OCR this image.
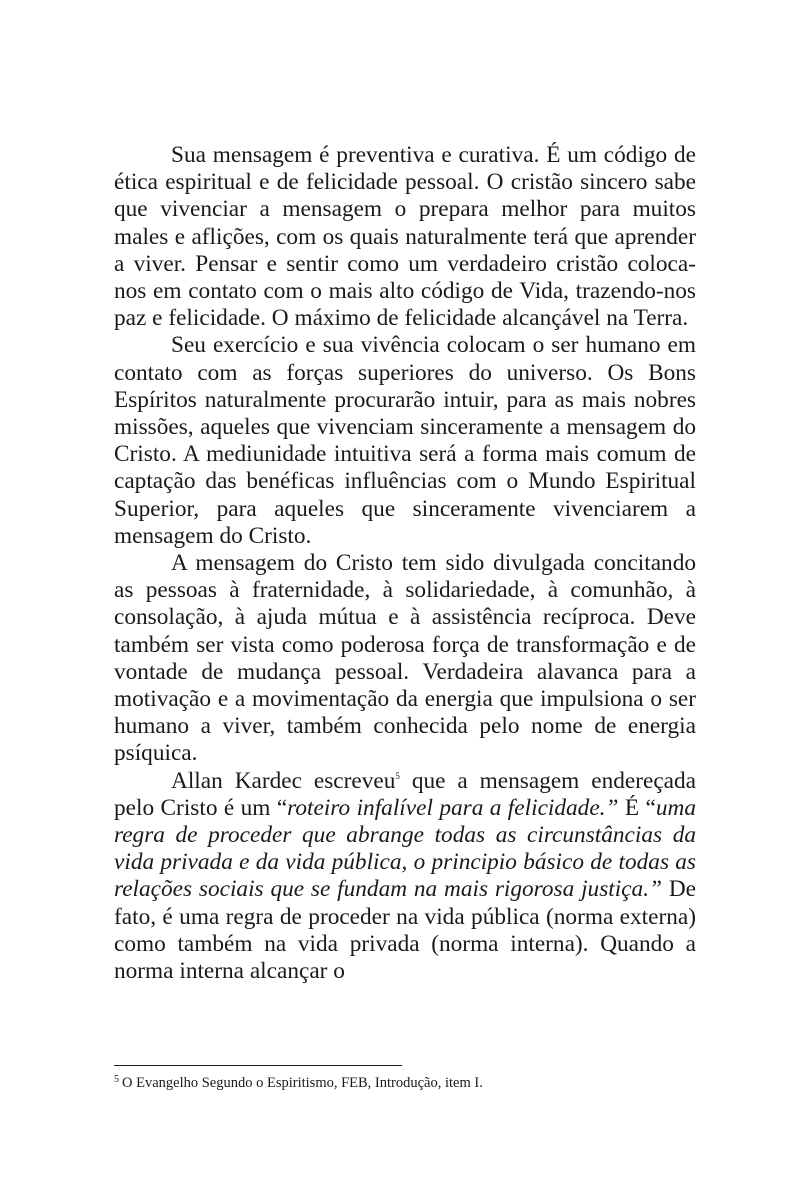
Sua mensagem é preventiva e curativa. É um código de ética espiritual e de felicidade pessoal. O cristão sincero sabe que vivenciar a mensagem o prepara melhor para muitos males e aflições, com os quais naturalmente terá que aprender a viver. Pensar e sentir como um verdadeiro cristão coloca-nos em contato com o mais alto código de Vida, trazendo-nos paz e felicidade. O máximo de felicidade alcançável na Terra.

Seu exercício e sua vivência colocam o ser humano em contato com as forças superiores do universo. Os Bons Espíritos naturalmente procurarão intuir, para as mais nobres missões, aqueles que vivenciam sinceramente a mensagem do Cristo. A mediunidade intuitiva será a forma mais comum de captação das benéficas influências com o Mundo Espiritual Superior, para aqueles que sinceramente vivenciarem a mensagem do Cristo.

A mensagem do Cristo tem sido divulgada concitando as pessoas à fraternidade, à solidariedade, à comunhão, à consolação, à ajuda mútua e à assistência recíproca. Deve também ser vista como poderosa força de transformação e de vontade de mudança pessoal. Verdadeira alavanca para a motivação e a movimentação da energia que impulsiona o ser humano a viver, também conhecida pelo nome de energia psíquica.

Allan Kardec escreveu$^5$ que a mensagem endereçada pelo Cristo é um “roteiro infalível para a felicidade.” É “uma regra de proceder que abrange todas as circunstâncias da vida privada e da vida pública, o principio básico de todas as relações sociais que se fundam na mais rigorosa justiça.” De fato, é uma regra de proceder na vida pública (norma externa) como também na vida privada (norma interna). Quando a norma interna alcançar o

$^5$ O Evangelho Segundo o Espiritismo, FEB, Introdução, item I.
